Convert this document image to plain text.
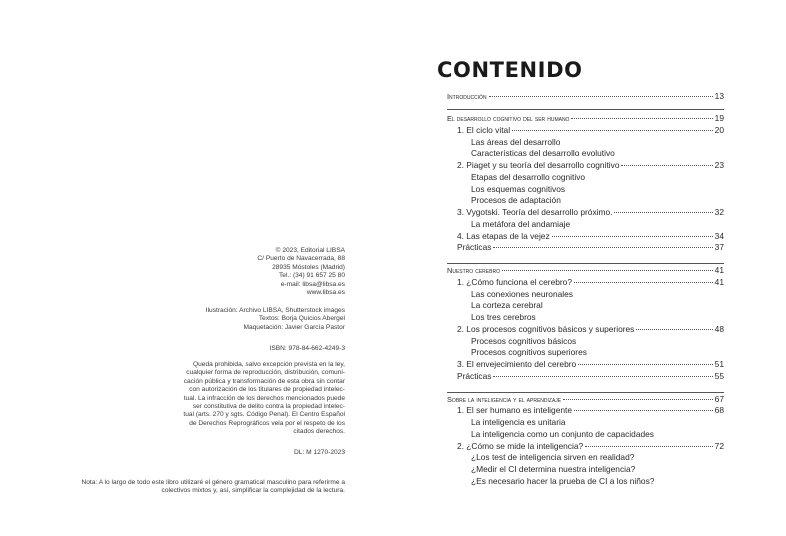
© 2023, Editorial LIBSA
C/ Puerto de Navacerrada, 88
28935 Móstoles (Madrid)
Tel.: (34) 91 657 25 80
e-mail: libsa@libsa.es
www.libsa.es
Ilustración: Archivo LIBSA, Shutterstock images
Textos: Borja Quicios Abergel
Maquetación: Javier García Pastor
ISBN: 978-84-662-4249-3
Queda prohibida, salvo excepción prevista en la ley,
cualquier forma de reproducción, distribución, comuni-
cación pública y transformación de esta obra sin contar
con autorización de los titulares de propiedad intelec-
tual. La infracción de los derechos mencionados puede
ser constitutiva de delito contra la propiedad intelec-
tual (arts. 270 y sgts. Código Penal). El Centro Español
de Derechos Reprográficos vela por el respeto de los
citados derechos.
DL: M 1270-2023
Nota: A lo largo de todo este libro utilizaré el género gramatical masculino para referirme a
colectivos mixtos y, así, simplificar la complejidad de la lectura.
CONTENIDO
Introducción	13
El desarrollo cognitivo del ser humano	19
1. El ciclo vital	20
Las áreas del desarrollo
Características del desarrollo evolutivo
2. Piaget y su teoría del desarrollo cognitivo	23
Etapas del desarrollo cognitivo
Los esquemas cognitivos
Procesos de adaptación
3. Vygotski. Teoría del desarrollo próximo.	32
La metáfora del andamiaje
4. Las etapas de la vejez	34
Prácticas	37
Nuestro cerebro	41
1. ¿Cómo funciona el cerebro?	41
Las conexiones neuronales
La corteza cerebral
Los tres cerebros
2. Los procesos cognitivos básicos y superiores	48
Procesos cognitivos básicos
Procesos cognitivos superiores
3. El envejecimiento del cerebro	51
Prácticas	55
Sobre la inteligencia y el aprendizaje	67
1. El ser humano es inteligente	68
La inteligencia es unitaria
La inteligencia como un conjunto de capacidades
2. ¿Cómo se mide la inteligencia?	72
¿Los test de inteligencia sirven en realidad?
¿Medir el CI determina nuestra inteligencia?
¿Es necesario hacer la prueba de CI a los niños?
